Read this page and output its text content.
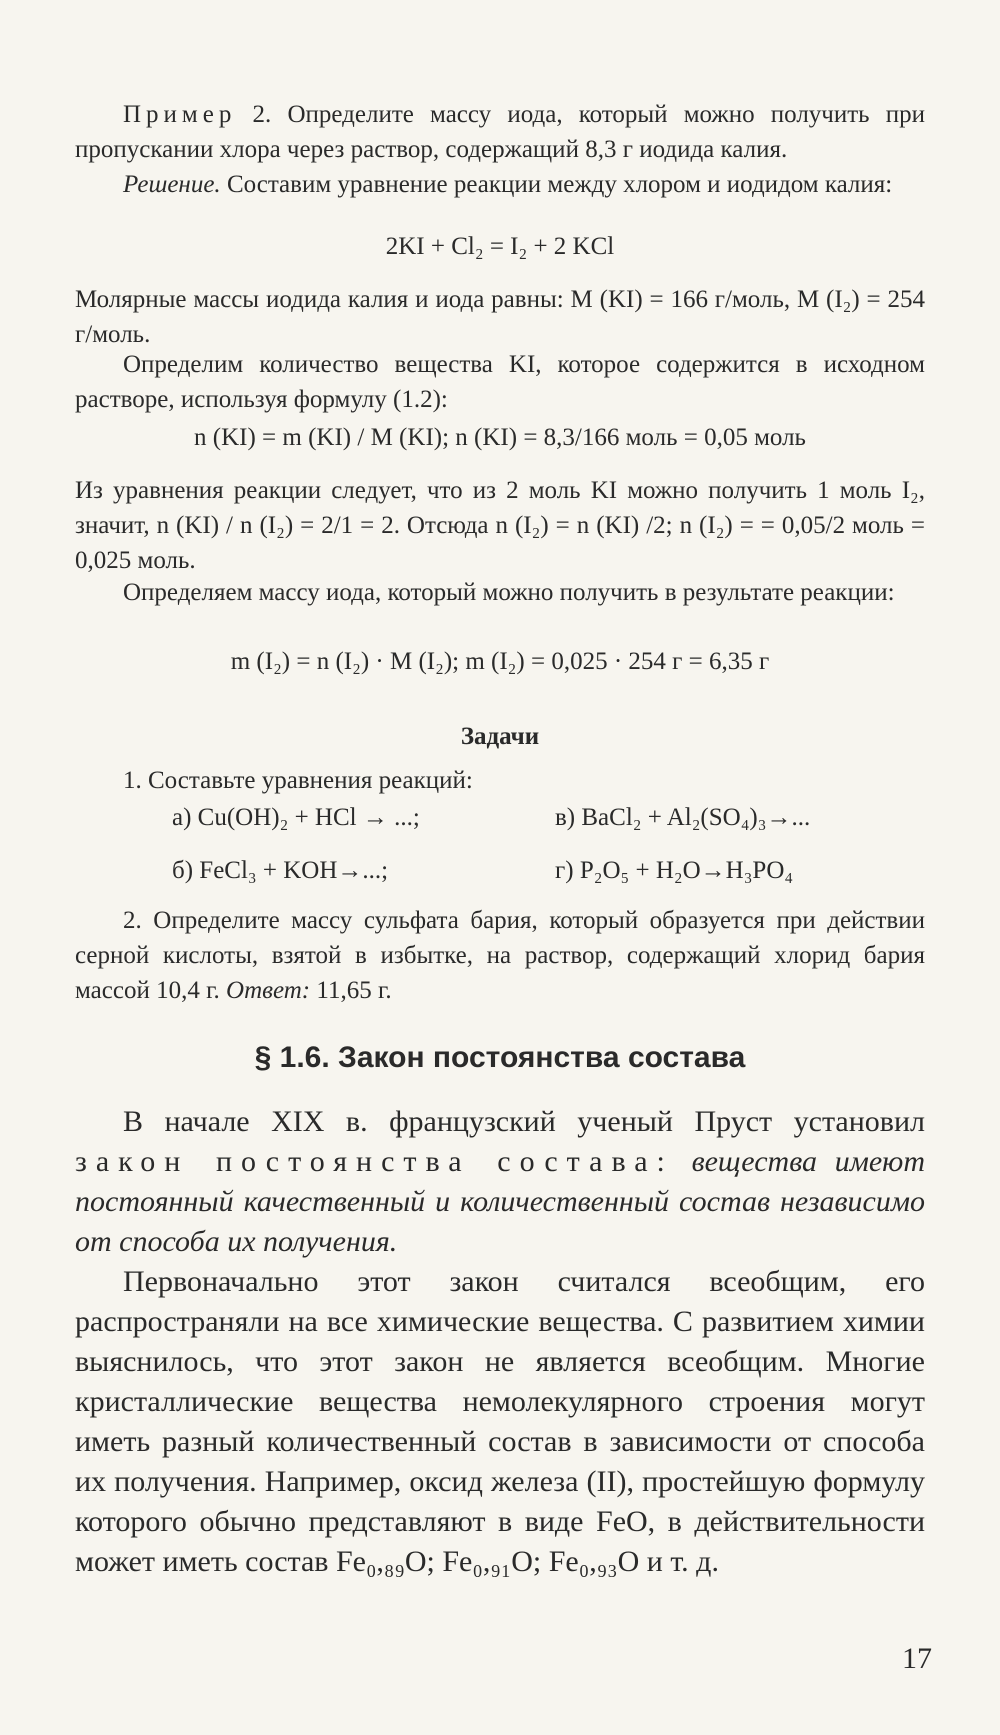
Пример 2. Определите массу иода, который можно получить при пропускании хлора через раствор, содержащий 8,3 г иодида калия.

Решение. Составим уравнение реакции между хлором и иодидом калия:

2KI + Cl₂ = I₂ + 2 KCl

Молярные массы иодида калия и иода равны: M (KI) = 166 г/моль, M (I₂) = 254 г/моль.

Определим количество вещества KI, которое содержится в исходном растворе, используя формулу (1.2):

n (KI) = m (KI) / M (KI); n (KI) = 8,3/166 моль = 0,05 моль

Из уравнения реакции следует, что из 2 моль KI можно получить 1 моль I₂, значит, n (KI) / n (I₂) = 2/1 = 2. Отсюда n (I₂) = n (KI) /2; n (I₂) = = 0,05/2 моль = 0,025 моль.

Определяем массу иода, который можно получить в результате реакции:

m (I₂) = n (I₂) · M (I₂); m (I₂) = 0,025 · 254 г = 6,35 г
Задачи

1. Составьте уравнения реакций:

а) Cu(OH)₂ + HCl → ...;	в) BaCl₂ + Al₂(SO₄)₃→...
б) FeCl₃ + KOH→...;	г) P₂O₅ + H₂O→H₃PO₄

2. Определите массу сульфата бария, который образуется при действии серной кислоты, взятой в избытке, на раствор, содержащий хлорид бария массой 10,4 г. Ответ: 11,65 г.

§ 1.6. Закон постоянства состава

В начале XIX в. французский ученый Пруст установил закон постоянства состава: вещества имеют постоянный качественный и количественный состав независимо от способа их получения.

Первоначально этот закон считался всеобщим, его распространяли на все химические вещества. С развитием химии выяснилось, что этот закон не является всеобщим. Многие кристаллические вещества немолекулярного строения могут иметь разный количественный состав в зависимости от способа их получения. Например, оксид железа (II), простейшую формулу которого обычно представляют в виде FeO, в действительности может иметь состав Fe₀,₈₉O; Fe₀,₉₁O; Fe₀,₉₃O и т. д.

17
